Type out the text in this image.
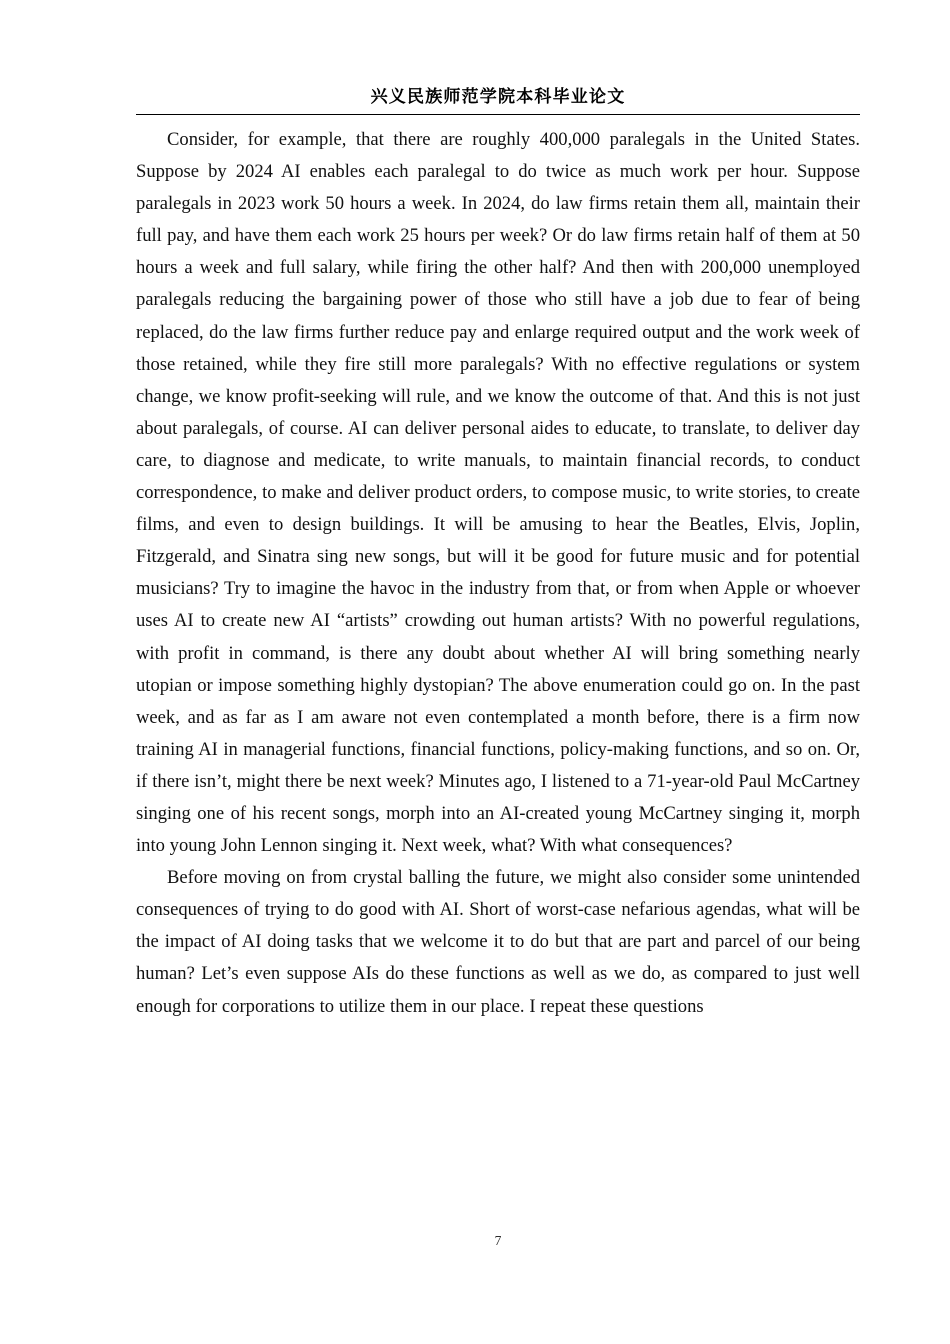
兴义民族师范学院本科毕业论文

Consider, for example, that there are roughly 400,000 paralegals in the United States. Suppose by 2024 AI enables each paralegal to do twice as much work per hour. Suppose paralegals in 2023 work 50 hours a week. In 2024, do law firms retain them all, maintain their full pay, and have them each work 25 hours per week? Or do law firms retain half of them at 50 hours a week and full salary, while firing the other half? And then with 200,000 unemployed paralegals reducing the bargaining power of those who still have a job due to fear of being replaced, do the law firms further reduce pay and enlarge required output and the work week of those retained, while they fire still more paralegals? With no effective regulations or system change, we know profit-seeking will rule, and we know the outcome of that. And this is not just about paralegals, of course. AI can deliver personal aides to educate, to translate, to deliver day care, to diagnose and medicate, to write manuals, to maintain financial records, to conduct correspondence, to make and deliver product orders, to compose music, to write stories, to create films, and even to design buildings. It will be amusing to hear the Beatles, Elvis, Joplin, Fitzgerald, and Sinatra sing new songs, but will it be good for future music and for potential musicians? Try to imagine the havoc in the industry from that, or from when Apple or whoever uses AI to create new AI “artists” crowding out human artists? With no powerful regulations, with profit in command, is there any doubt about whether AI will bring something nearly utopian or impose something highly dystopian? The above enumeration could go on. In the past week, and as far as I am aware not even contemplated a month before, there is a firm now training AI in managerial functions, financial functions, policy-making functions, and so on. Or, if there isn’t, might there be next week? Minutes ago, I listened to a 71-year-old Paul McCartney singing one of his recent songs, morph into an AI-created young McCartney singing it, morph into young John Lennon singing it. Next week, what? With what consequences?

Before moving on from crystal balling the future, we might also consider some unintended consequences of trying to do good with AI. Short of worst-case nefarious agendas, what will be the impact of AI doing tasks that we welcome it to do but that are part and parcel of our being human? Let’s even suppose AIs do these functions as well as we do, as compared to just well enough for corporations to utilize them in our place. I repeat these questions

7
